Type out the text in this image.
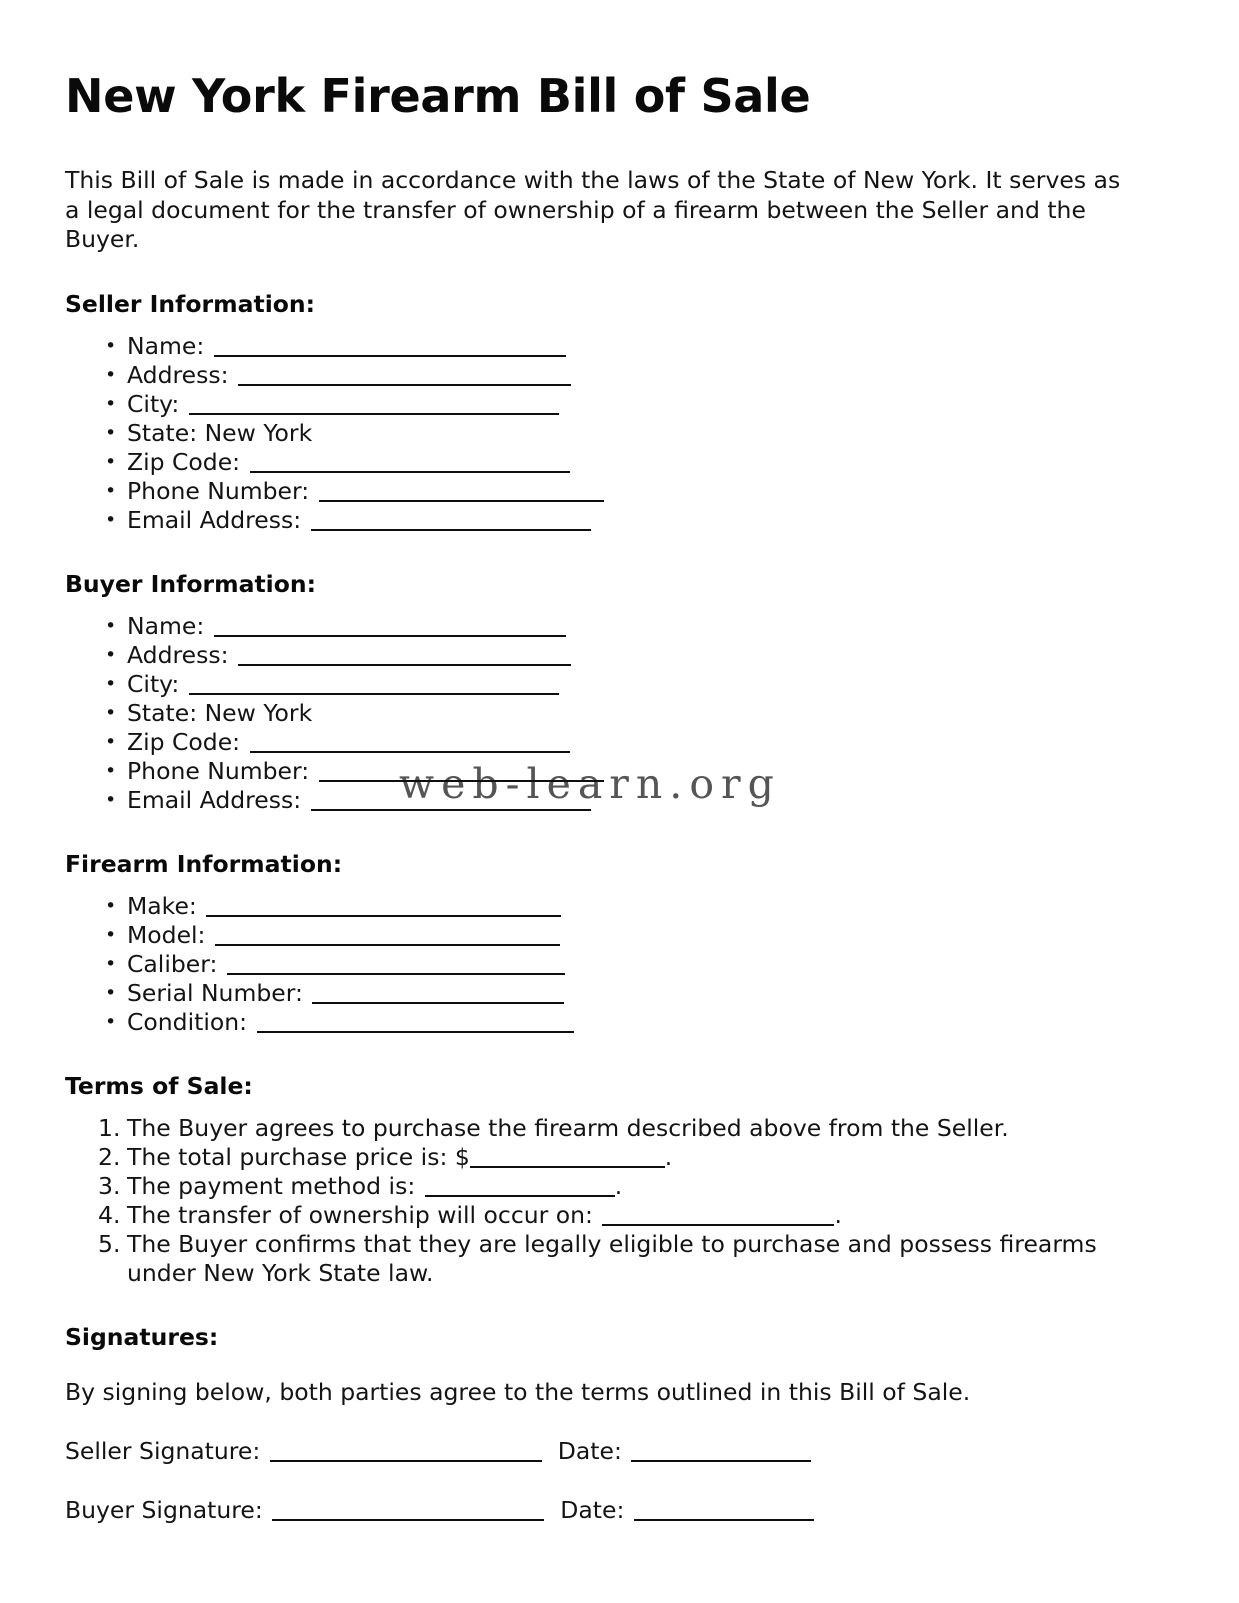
web-learn.org
New York Firearm Bill of Sale

This Bill of Sale is made in accordance with the laws of the State of New York. It serves as a legal document for the transfer of ownership of a firearm between the Seller and the Buyer.

Seller Information:
• Name:
• Address:
• City:
• State: New York
• Zip Code:
• Phone Number:
• Email Address:
Buyer Information:
• Name:
• Address:
• City:
• State: New York
• Zip Code:
• Phone Number:
• Email Address:
Firearm Information:
• Make:
• Model:
• Caliber:
• Serial Number:
• Condition:
Terms of Sale:
The Buyer agrees to purchase the firearm described above from the Seller.
The total purchase price is: $	.
The payment method is:	.
The transfer of ownership will occur on:	.
The Buyer confirms that they are legally eligible to purchase and possess firearms
under New York State law.
Signatures:

By signing below, both parties agree to the terms outlined in this Bill of Sale.

Seller Signature:	Date:
Buyer Signature:	Date:
